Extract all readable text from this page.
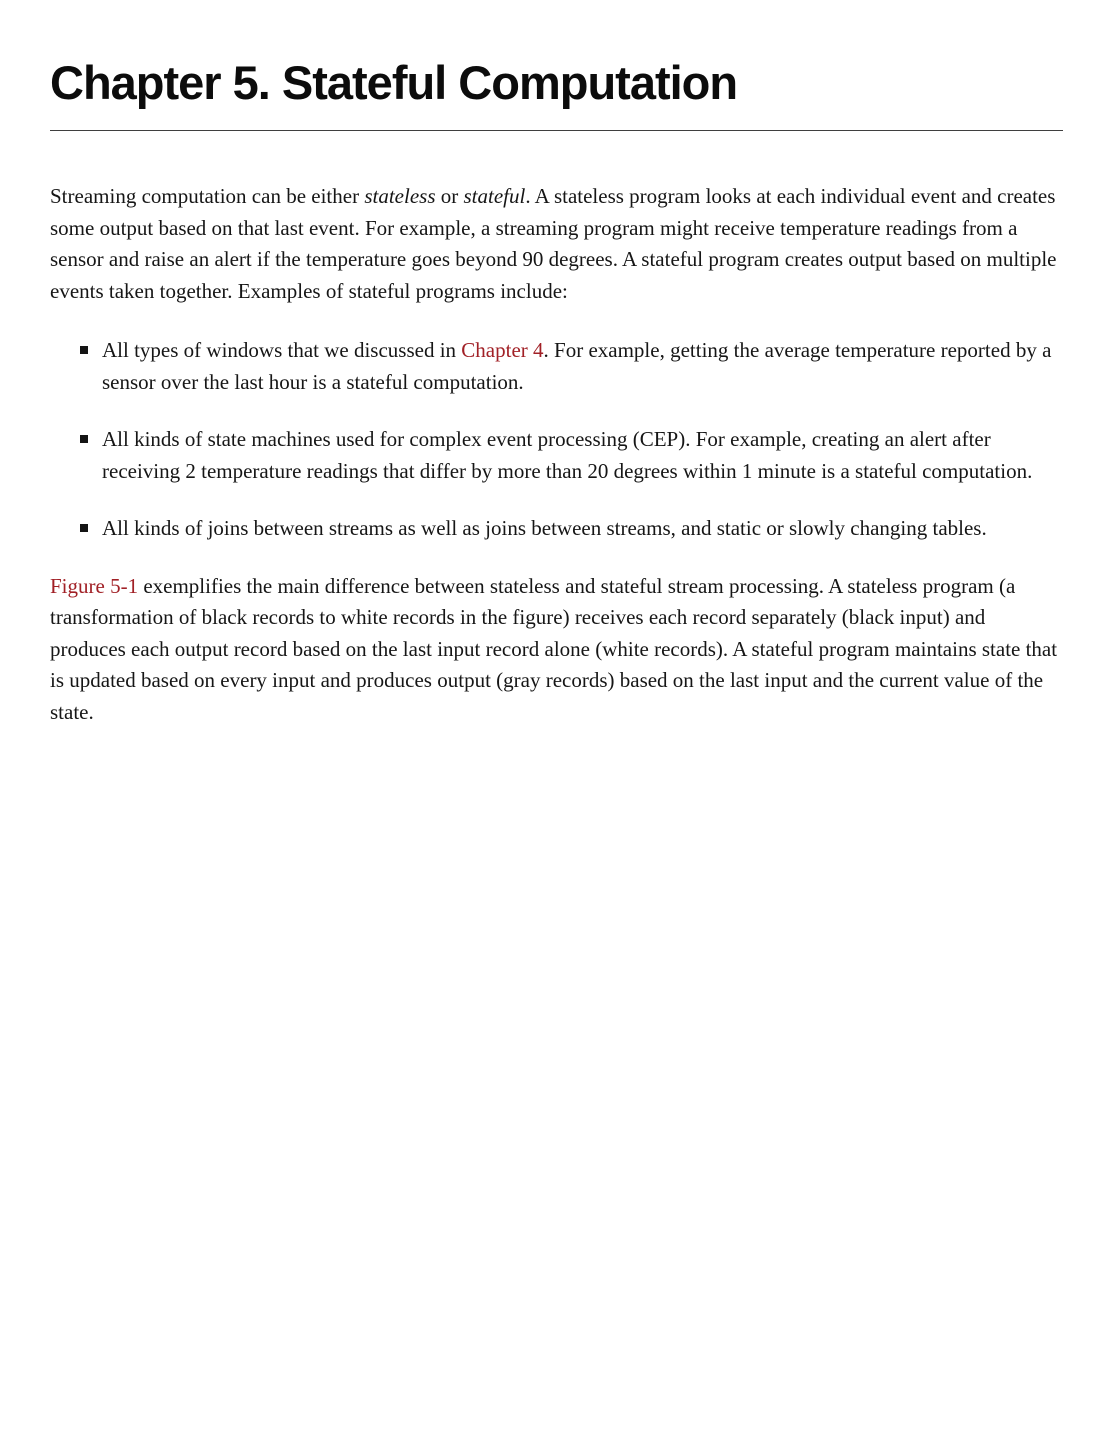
Chapter 5. Stateful Computation

Streaming computation can be either stateless or stateful. A stateless program looks at each individual event and creates some output based on that last event. For example, a streaming program might receive temperature readings from a sensor and raise an alert if the temperature goes beyond 90 degrees. A stateful program creates output based on multiple events taken together. Examples of stateful programs include:

All types of windows that we discussed in Chapter 4. For example, getting the average temperature reported by a sensor over the last hour is a stateful computation.
All kinds of state machines used for complex event processing (CEP). For example, creating an alert after receiving 2 temperature readings that differ by more than 20 degrees within 1 minute is a stateful computation.
All kinds of joins between streams as well as joins between streams, and static or slowly changing tables.

Figure 5-1 exemplifies the main difference between stateless and stateful stream processing. A stateless program (a transformation of black records to white records in the figure) receives each record separately (black input) and produces each output record based on the last input record alone (white records). A stateful program maintains state that is updated based on every input and produces output (gray records) based on the last input and the current value of the state.
